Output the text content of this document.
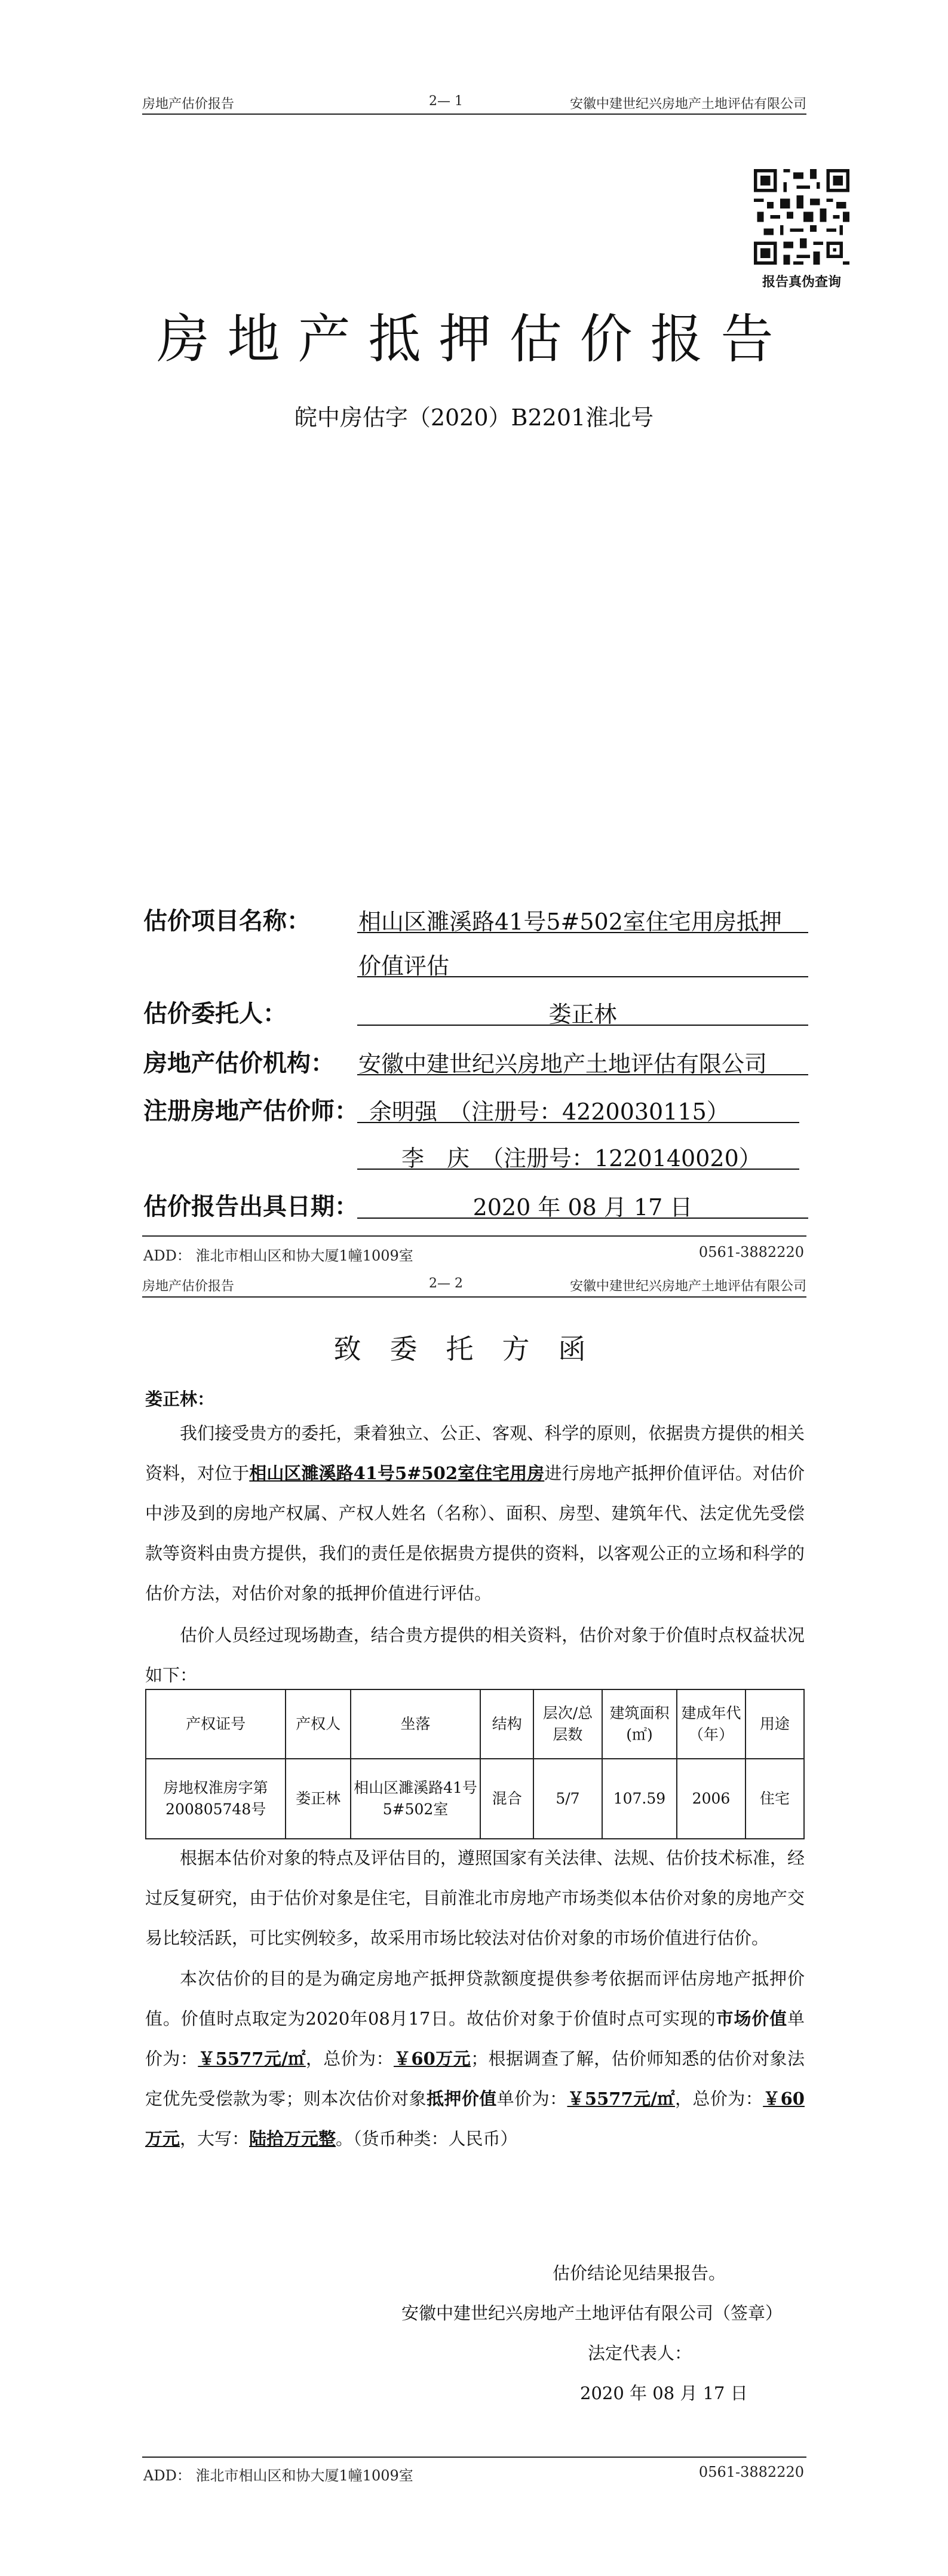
房地产估价报告	2— 1	安徽中建世纪兴房地产土地评估有限公司
报告真伪查询
房地产抵押估价报告
皖中房估字（2020）B2201淮北号
估价项目名称： 相山区濉溪路41号5#502室住宅用房抵押
价值评估
估价委托人：	娄正林
房地产估价机构： 安徽中建世纪兴房地产土地评估有限公司
注册房地产估价师： 余明强　（注册号：4220030115）
李　庆　（注册号：1220140020）
估价报告出具日期：	2020 年 08 月 17 日
ADD： 淮北市相山区和协大厦1幢1009室	0561-3882220
房地产估价报告	2— 2	安徽中建世纪兴房地产土地评估有限公司
致委托方函
娄正林：

我们接受贵方的委托，秉着独立、公正、客观、科学的原则，依据贵方提供的相关资料，对位于相山区濉溪路41号5#502室住宅用房进行房地产抵押价值评估。对估价中涉及到的房地产权属、产权人姓名（名称）、面积、房型、建筑年代、法定优先受偿款等资料由贵方提供，我们的责任是依据贵方提供的资料，以客观公正的立场和科学的估价方法，对估价对象的抵押价值进行评估。

估价人员经过现场勘查，结合贵方提供的相关资料，估价对象于价值时点权益状况如下：

产权证号	产权人	坐落	结构	层次/总层数	建筑面积(㎡)	建成年代（年）	用途
房地权淮房字第200805748号	娄正林	相山区濉溪路41号5#502室	混合	5/7	107.59	2006	住宅

根据本估价对象的特点及评估目的，遵照国家有关法律、法规、估价技术标准，经过反复研究，由于估价对象是住宅，目前淮北市房地产市场类似本估价对象的房地产交易比较活跃，可比实例较多，故采用市场比较法对估价对象的市场价值进行估价。

本次估价的目的是为确定房地产抵押贷款额度提供参考依据而评估房地产抵押价值。价值时点取定为2020年08月17日。故估价对象于价值时点可实现的市场价值单价为：￥5577元/㎡，总价为：￥60万元；根据调查了解，估价师知悉的估价对象法定优先受偿款为零；则本次估价对象抵押价值单价为：￥5577元/㎡，总价为：￥60万元，大写：陆拾万元整。（货币种类：人民币）

估价结论见结果报告。
安徽中建世纪兴房地产土地评估有限公司（签章）
法定代表人：
2020 年 08 月 17 日
ADD： 淮北市相山区和协大厦1幢1009室	0561-3882220
